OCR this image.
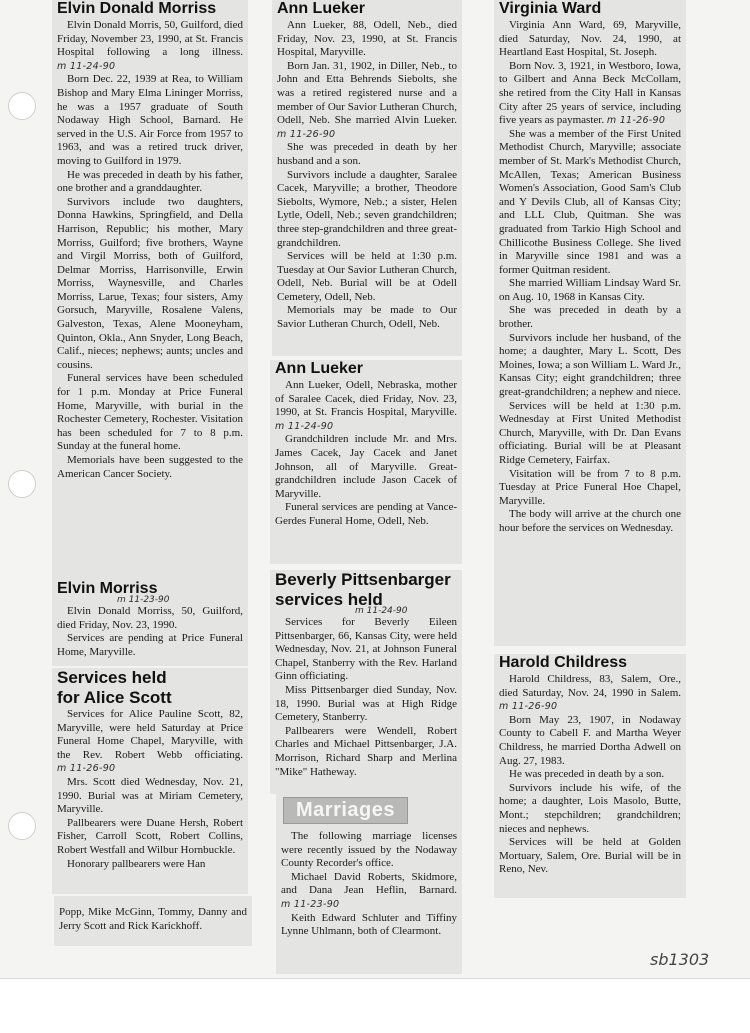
Elvin Donald Morriss

Elvin Donald Morris, 50, Guilford, died Friday, November 23, 1990, at St. Francis Hospital following a long illness. m 11-24-90

Born Dec. 22, 1939 at Rea, to William Bishop and Mary Elma Lininger Morriss, he was a 1957 graduate of South Nodaway High School, Barnard. He served in the U.S. Air Force from 1957 to 1963, and was a retired truck driver, moving to Guilford in 1979.

He was preceded in death by his father, one brother and a granddaughter.

Survivors include two daughters, Donna Hawkins, Springfield, and Della Harrison, Republic; his mother, Mary Morriss, Guilford; five brothers, Wayne and Virgil Morriss, both of Guilford, Delmar Morriss, Harrisonville, Erwin Morriss, Waynesville, and Charles Morriss, Larue, Texas; four sisters, Amy Gorsuch, Maryville, Rosalene Valens, Galveston, Texas, Alene Mooneyham, Quinton, Okla., Ann Snyder, Long Beach, Calif., nieces; nephews; aunts; uncles and cousins.

Funeral services have been scheduled for 1 p.m. Monday at Price Funeral Home, Maryville, with burial in the Rochester Cemetery, Rochester. Visitation has been scheduled for 7 to 8 p.m. Sunday at the funeral home.

Memorials have been suggested to the American Cancer Society.

Elvin Morriss
m 11-23-90

Elvin Donald Morriss, 50, Guilford, died Friday, Nov. 23, 1990.

Services are pending at Price Funeral Home, Maryville.

Services held
for Alice Scott

Services for Alice Pauline Scott, 82, Maryville, were held Saturday at Price Funeral Home Chapel, Maryville, with the Rev. Robert Webb officiating. m 11-26-90

Mrs. Scott died Wednesday, Nov. 21, 1990. Burial was at Miriam Cemetery, Maryville.

Pallbearers were Duane Hersh, Robert Fisher, Carroll Scott, Robert Collins, Robert Westfall and Wilbur Hornbuckle.

Honorary pallbearers were Han

Popp, Mike McGinn, Tommy, Danny and Jerry Scott and Rick Karickhoff.

Ann Lueker

Ann Lueker, 88, Odell, Neb., died Friday, Nov. 23, 1990, at St. Francis Hospital, Maryville.

Born Jan. 31, 1902, in Diller, Neb., to John and Etta Behrends Siebolts, she was a retired registered nurse and a member of Our Savior Lutheran Church, Odell, Neb. She married Alvin Lueker. m 11-26-90

She was preceded in death by her husband and a son.

Survivors include a daughter, Saralee Cacek, Maryville; a brother, Theodore Siebolts, Wymore, Neb.; a sister, Helen Lytle, Odell, Neb.; seven grandchildren; three step-grandchildren and three great-grandchildren.

Services will be held at 1:30 p.m. Tuesday at Our Savior Lutheran Church, Odell, Neb. Burial will be at Odell Cemetery, Odell, Neb.

Memorials may be made to Our Savior Lutheran Church, Odell, Neb.

Ann Lueker

Ann Lueker, Odell, Nebraska, mother of Saralee Cacek, died Friday, Nov. 23, 1990, at St. Francis Hospital, Maryville. m 11-24-90

Grandchildren include Mr. and Mrs. James Cacek, Jay Cacek and Janet Johnson, all of Maryville. Great-grandchildren include Jason Cacek of Maryville.

Funeral services are pending at Vance-Gerdes Funeral Home, Odell, Neb.

Beverly Pittsenbarger
services held
m 11-24-90

Services for Beverly Eileen Pittsenbarger, 66, Kansas City, were held Wednesday, Nov. 21, at Johnson Funeral Chapel, Stanberry with the Rev. Harland Ginn officiating.

Miss Pittsenbarger died Sunday, Nov. 18, 1990. Burial was at High Ridge Cemetery, Stanberry.

Pallbearers were Wendell, Robert Charles and Michael Pittsenbarger, J.A. Morrison, Richard Sharp and Merlina "Mike" Hatheway.

Marriages

The following marriage licenses were recently issued by the Nodaway County Recorder's office.

Michael David Roberts, Skidmore, and Dana Jean Heflin, Barnard. m 11-23-90

Keith Edward Schluter and Tiffiny Lynne Uhlmann, both of Clearmont.

Virginia Ward

Virginia Ann Ward, 69, Maryville, died Saturday, Nov. 24, 1990, at Heartland East Hospital, St. Joseph.

Born Nov. 3, 1921, in Westboro, Iowa, to Gilbert and Anna Beck McCollam, she retired from the City Hall in Kansas City after 25 years of service, including five years as paymaster. m 11-26-90

She was a member of the First United Methodist Church, Maryville; associate member of St. Mark's Methodist Church, McAllen, Texas; American Business Women's Association, Good Sam's Club and Y Devils Club, all of Kansas City; and LLL Club, Quitman. She was graduated from Tarkio High School and Chillicothe Business College. She lived in Maryville since 1981 and was a former Quitman resident.

She married William Lindsay Ward Sr. on Aug. 10, 1968 in Kansas City.

She was preceded in death by a brother.

Survivors include her husband, of the home; a daughter, Mary L. Scott, Des Moines, Iowa; a son William L. Ward Jr., Kansas City; eight grandchildren; three great-grandchildren; a nephew and niece.

Services will be held at 1:30 p.m. Wednesday at First United Methodist Church, Maryville, with Dr. Dan Evans officiating. Burial will be at Pleasant Ridge Cemetery, Fairfax.

Visitation will be from 7 to 8 p.m. Tuesday at Price Funeral Hoe Chapel, Maryville.

The body will arrive at the church one hour before the services on Wednesday.

Harold Childress

Harold Childress, 83, Salem, Ore., died Saturday, Nov. 24, 1990 in Salem. m 11-26-90

Born May 23, 1907, in Nodaway County to Cabell F. and Martha Weyer Childress, he married Dortha Adwell on Aug. 27, 1983.

He was preceded in death by a son.

Survivors include his wife, of the home; a daughter, Lois Masolo, Butte, Mont.; stepchildren; grandchildren; nieces and nephews.

Services will be held at Golden Mortuary, Salem, Ore. Burial will be in Reno, Nev.

sb1303
